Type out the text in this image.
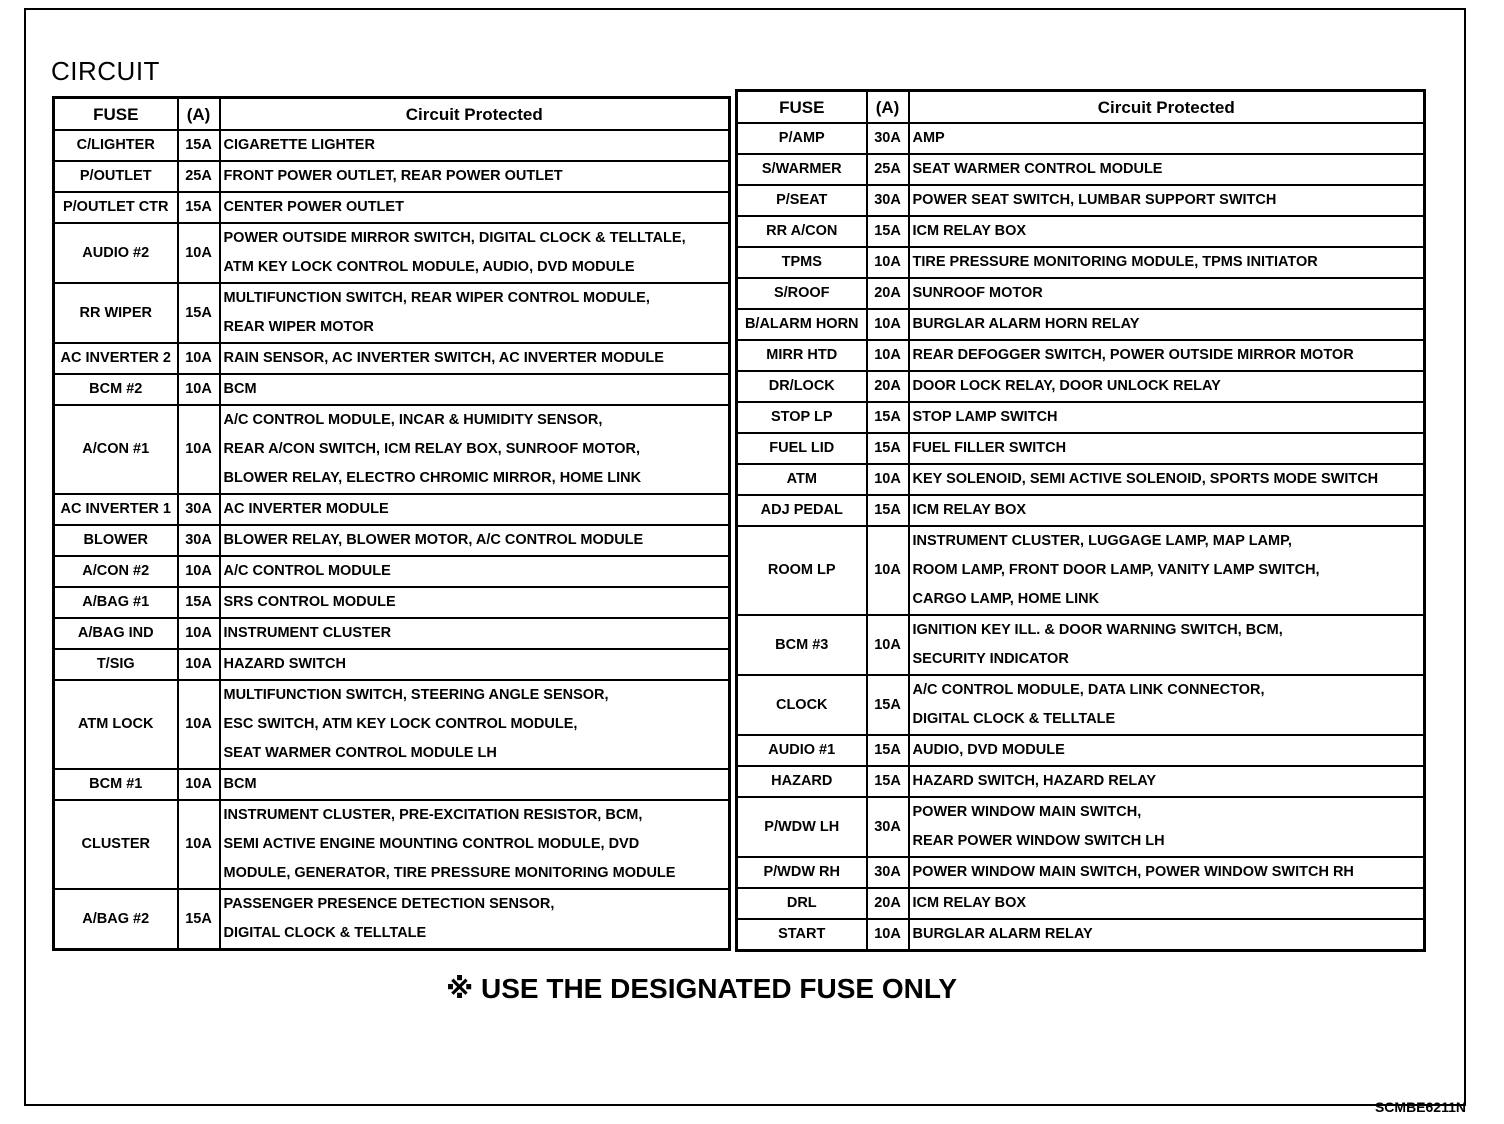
CIRCUIT
FUSE	(A)	Circuit Protected
C/LIGHTER	15A	CIGARETTE LIGHTER

P/OUTLET	25A	FRONT POWER OUTLET, REAR POWER OUTLET

P/OUTLET CTR	15A	CENTER POWER OUTLET

AUDIO #2	10A	POWER OUTSIDE MIRROR SWITCH, DIGITAL CLOCK & TELLTALE,
ATM KEY LOCK CONTROL MODULE, AUDIO, DVD MODULE

RR WIPER	15A	MULTIFUNCTION SWITCH, REAR WIPER CONTROL MODULE,
REAR WIPER MOTOR

AC INVERTER 2	10A	RAIN SENSOR, AC INVERTER SWITCH, AC INVERTER MODULE

BCM #2	10A	BCM

A/CON #1	10A	A/C CONTROL MODULE, INCAR & HUMIDITY SENSOR,
REAR A/CON SWITCH, ICM RELAY BOX, SUNROOF MOTOR,
BLOWER RELAY, ELECTRO CHROMIC MIRROR, HOME LINK

AC INVERTER 1	30A	AC INVERTER MODULE

BLOWER	30A	BLOWER RELAY, BLOWER MOTOR, A/C CONTROL MODULE

A/CON #2	10A	A/C CONTROL MODULE

A/BAG #1	15A	SRS CONTROL MODULE

A/BAG IND	10A	INSTRUMENT CLUSTER

T/SIG	10A	HAZARD SWITCH

ATM LOCK	10A	MULTIFUNCTION SWITCH, STEERING ANGLE SENSOR,
ESC SWITCH, ATM KEY LOCK CONTROL MODULE,
SEAT WARMER CONTROL MODULE LH

BCM #1	10A	BCM

CLUSTER	10A	INSTRUMENT CLUSTER, PRE-EXCITATION RESISTOR, BCM,
SEMI ACTIVE ENGINE MOUNTING CONTROL MODULE, DVD
MODULE, GENERATOR, TIRE PRESSURE MONITORING MODULE

A/BAG #2	15A	PASSENGER PRESENCE DETECTION SENSOR,
DIGITAL CLOCK & TELLTALE
FUSE	(A)	Circuit Protected
P/AMP	30A	AMP

S/WARMER	25A	SEAT WARMER CONTROL MODULE

P/SEAT	30A	POWER SEAT SWITCH, LUMBAR SUPPORT SWITCH

RR A/CON	15A	ICM RELAY BOX

TPMS	10A	TIRE PRESSURE MONITORING MODULE, TPMS INITIATOR

S/ROOF	20A	SUNROOF MOTOR

B/ALARM HORN	10A	BURGLAR ALARM HORN RELAY

MIRR HTD	10A	REAR DEFOGGER SWITCH, POWER OUTSIDE MIRROR MOTOR

DR/LOCK	20A	DOOR LOCK RELAY, DOOR UNLOCK RELAY

STOP LP	15A	STOP LAMP SWITCH

FUEL LID	15A	FUEL FILLER SWITCH

ATM	10A	KEY SOLENOID, SEMI ACTIVE SOLENOID, SPORTS MODE SWITCH

ADJ PEDAL	15A	ICM RELAY BOX

ROOM LP	10A	INSTRUMENT CLUSTER, LUGGAGE LAMP, MAP LAMP,
ROOM LAMP, FRONT DOOR LAMP, VANITY LAMP SWITCH,
CARGO LAMP, HOME LINK

BCM #3	10A	IGNITION KEY ILL. & DOOR WARNING SWITCH, BCM,
SECURITY INDICATOR

CLOCK	15A	A/C CONTROL MODULE, DATA LINK CONNECTOR,
DIGITAL CLOCK & TELLTALE

AUDIO #1	15A	AUDIO, DVD MODULE

HAZARD	15A	HAZARD SWITCH, HAZARD RELAY

P/WDW LH	30A	POWER WINDOW MAIN SWITCH,
REAR POWER WINDOW SWITCH LH

P/WDW RH	30A	POWER WINDOW MAIN SWITCH, POWER WINDOW SWITCH RH

DRL	20A	ICM RELAY BOX

START	10A	BURGLAR ALARM RELAY
※ USE THE DESIGNATED FUSE ONLY
SCMBE6211N
